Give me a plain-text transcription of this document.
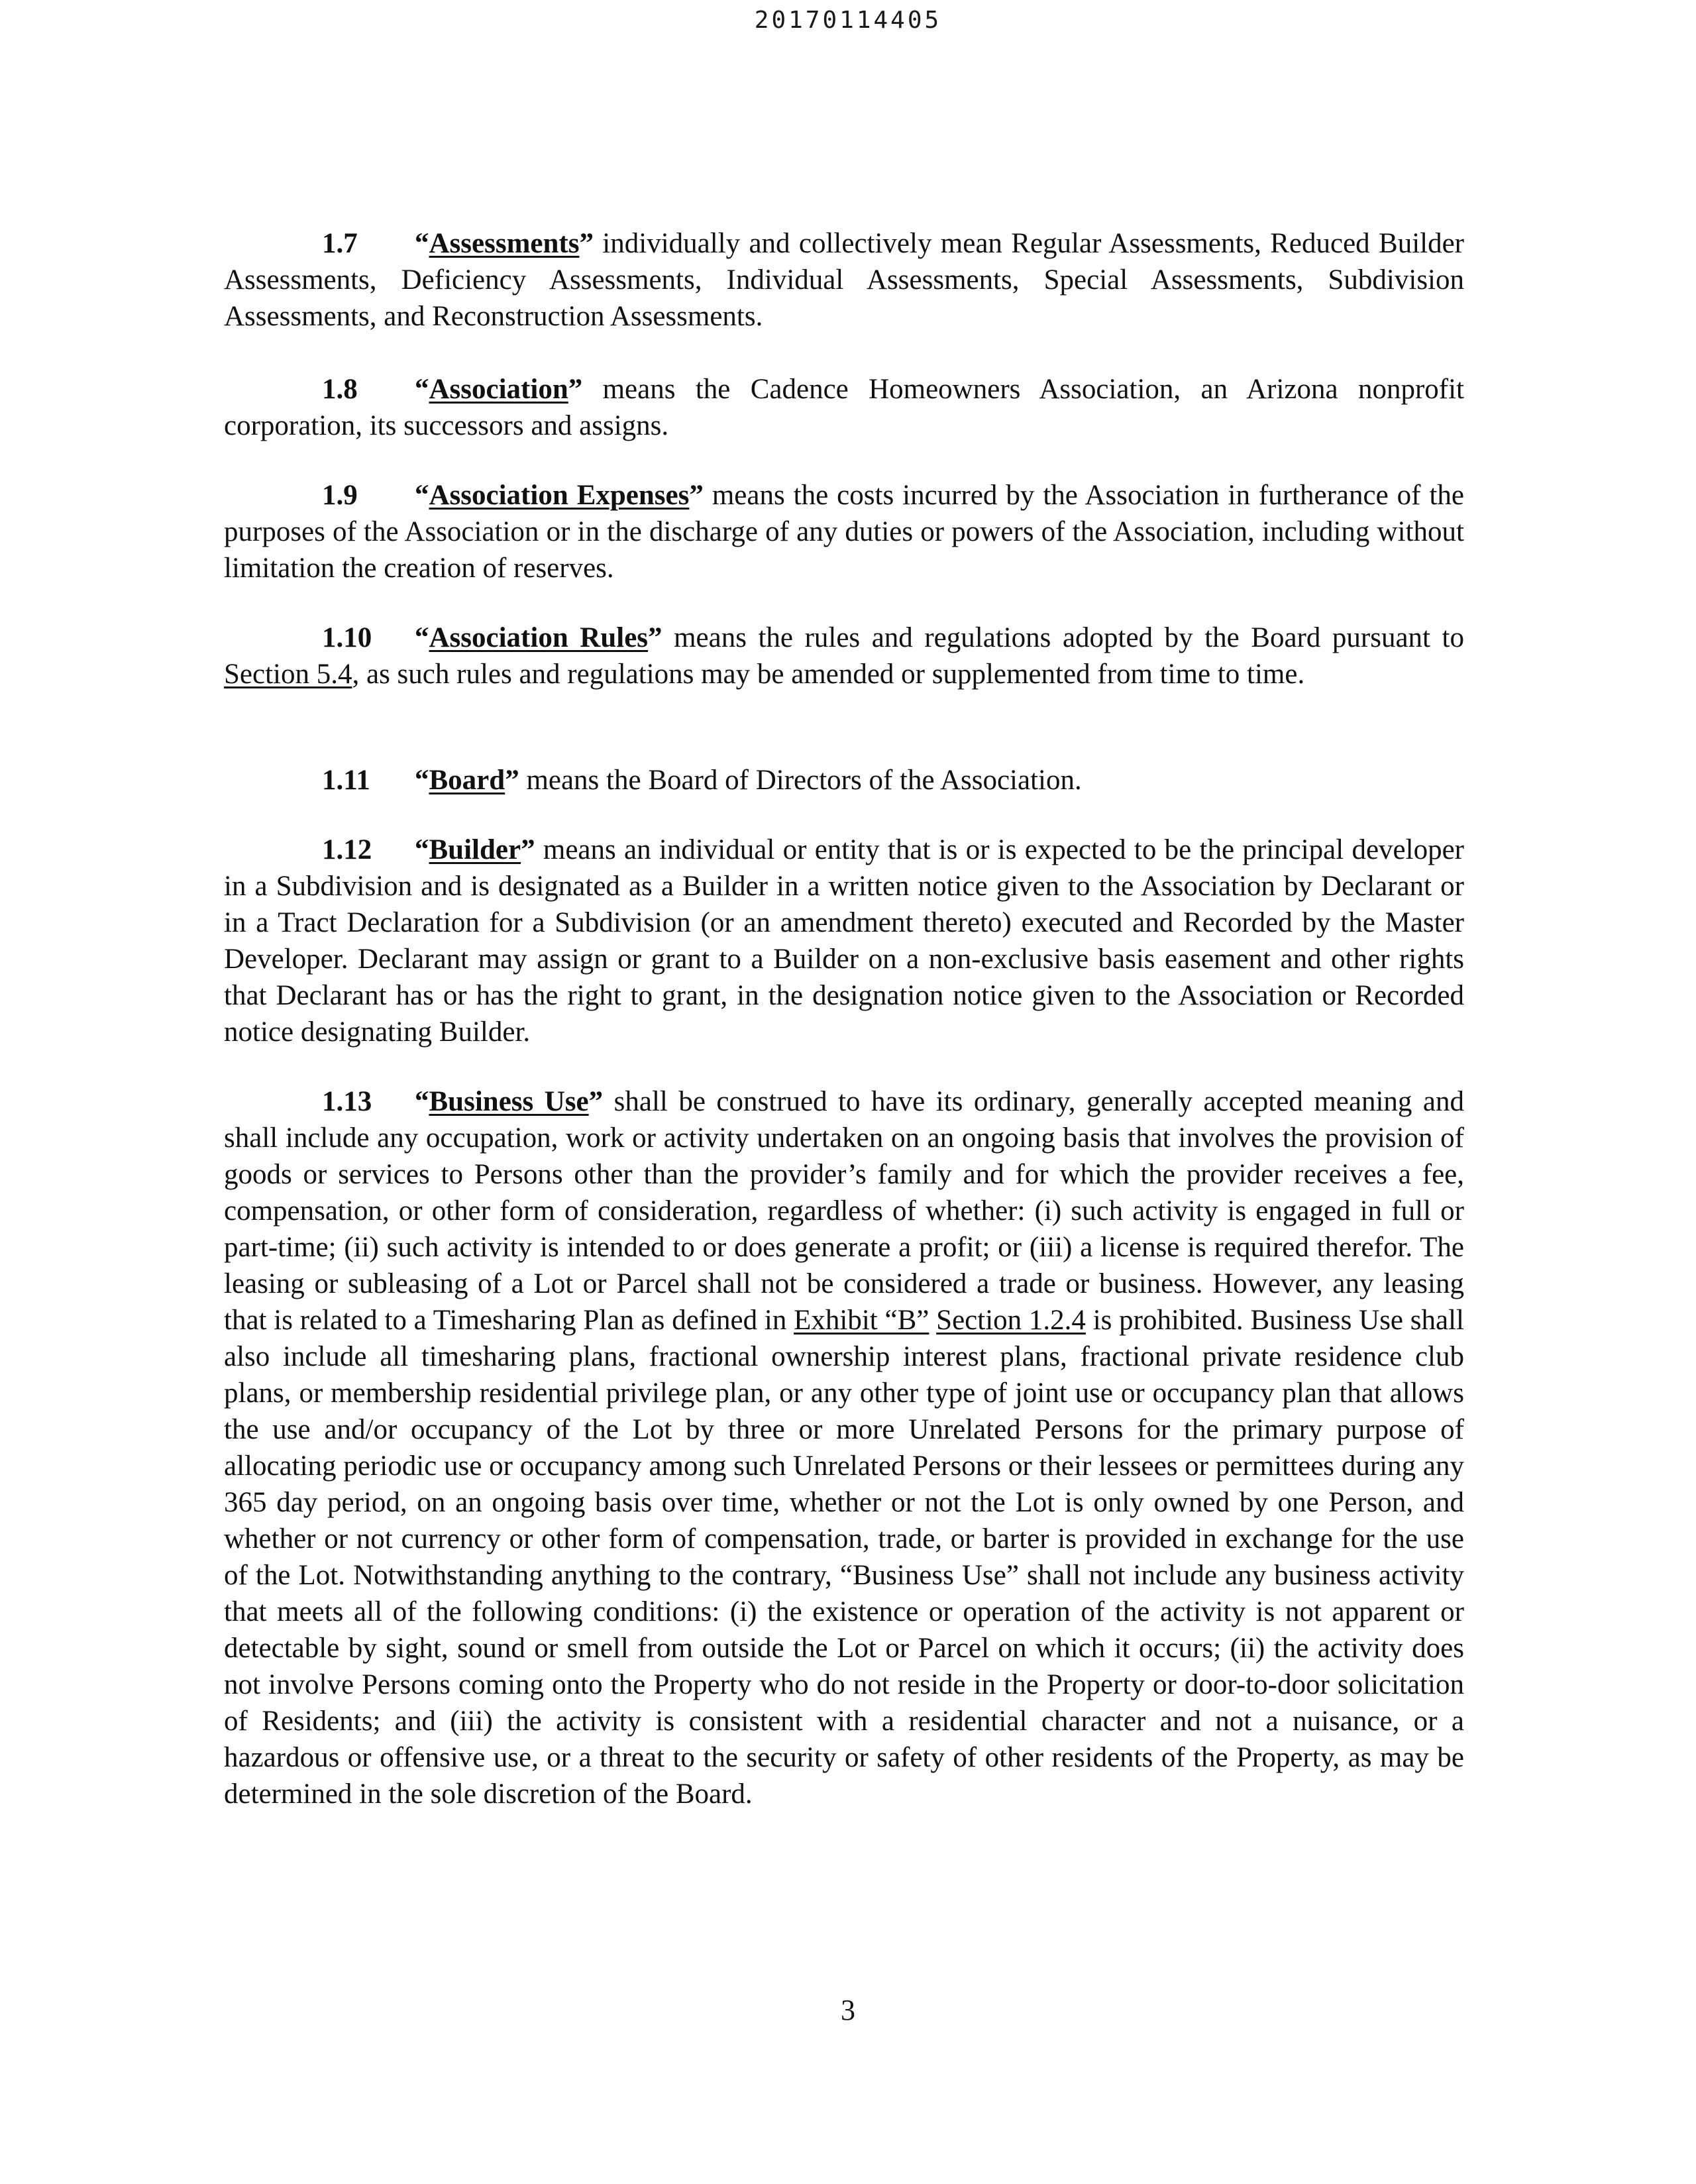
20170114405
1.7 “Assessments” individually and collectively mean Regular Assessments, Reduced Builder Assessments, Deficiency Assessments, Individual Assessments, Special Assessments, Subdivision Assessments, and Reconstruction Assessments.
1.8 “Association” means the Cadence Homeowners Association, an Arizona nonprofit corporation, its successors and assigns.
1.9 “Association Expenses” means the costs incurred by the Association in furtherance of the purposes of the Association or in the discharge of any duties or powers of the Association, including without limitation the creation of reserves.
1.10 “Association Rules” means the rules and regulations adopted by the Board pursuant to Section 5.4, as such rules and regulations may be amended or supplemented from time to time.
1.11 “Board” means the Board of Directors of the Association.
1.12 “Builder” means an individual or entity that is or is expected to be the principal developer in a Subdivision and is designated as a Builder in a written notice given to the Association by Declarant or in a Tract Declaration for a Subdivision (or an amendment thereto) executed and Recorded by the Master Developer. Declarant may assign or grant to a Builder on a non-exclusive basis easement and other rights that Declarant has or has the right to grant, in the designation notice given to the Association or Recorded notice designating Builder.
1.13 “Business Use” shall be construed to have its ordinary, generally accepted meaning and shall include any occupation, work or activity undertaken on an ongoing basis that involves the provision of goods or services to Persons other than the provider’s family and for which the provider receives a fee, compensation, or other form of consideration, regardless of whether: (i) such activity is engaged in full or part-time; (ii) such activity is intended to or does generate a profit; or (iii) a license is required therefor. The leasing or subleasing of a Lot or Parcel shall not be considered a trade or business. However, any leasing that is related to a Timesharing Plan as defined in Exhibit “B” Section 1.2.4 is prohibited. Business Use shall also include all timesharing plans, fractional ownership interest plans, fractional private residence club plans, or membership residential privilege plan, or any other type of joint use or occupancy plan that allows the use and/or occupancy of the Lot by three or more Unrelated Persons for the primary purpose of allocating periodic use or occupancy among such Unrelated Persons or their lessees or permittees during any 365 day period, on an ongoing basis over time, whether or not the Lot is only owned by one Person, and whether or not currency or other form of compensation, trade, or barter is provided in exchange for the use of the Lot. Notwithstanding anything to the contrary, “Business Use” shall not include any business activity that meets all of the following conditions: (i) the existence or operation of the activity is not apparent or detectable by sight, sound or smell from outside the Lot or Parcel on which it occurs; (ii) the activity does not involve Persons coming onto the Property who do not reside in the Property or door-to-door solicitation of Residents; and (iii) the activity is consistent with a residential character and not a nuisance, or a hazardous or offensive use, or a threat to the security or safety of other residents of the Property, as may be determined in the sole discretion of the Board.
3
